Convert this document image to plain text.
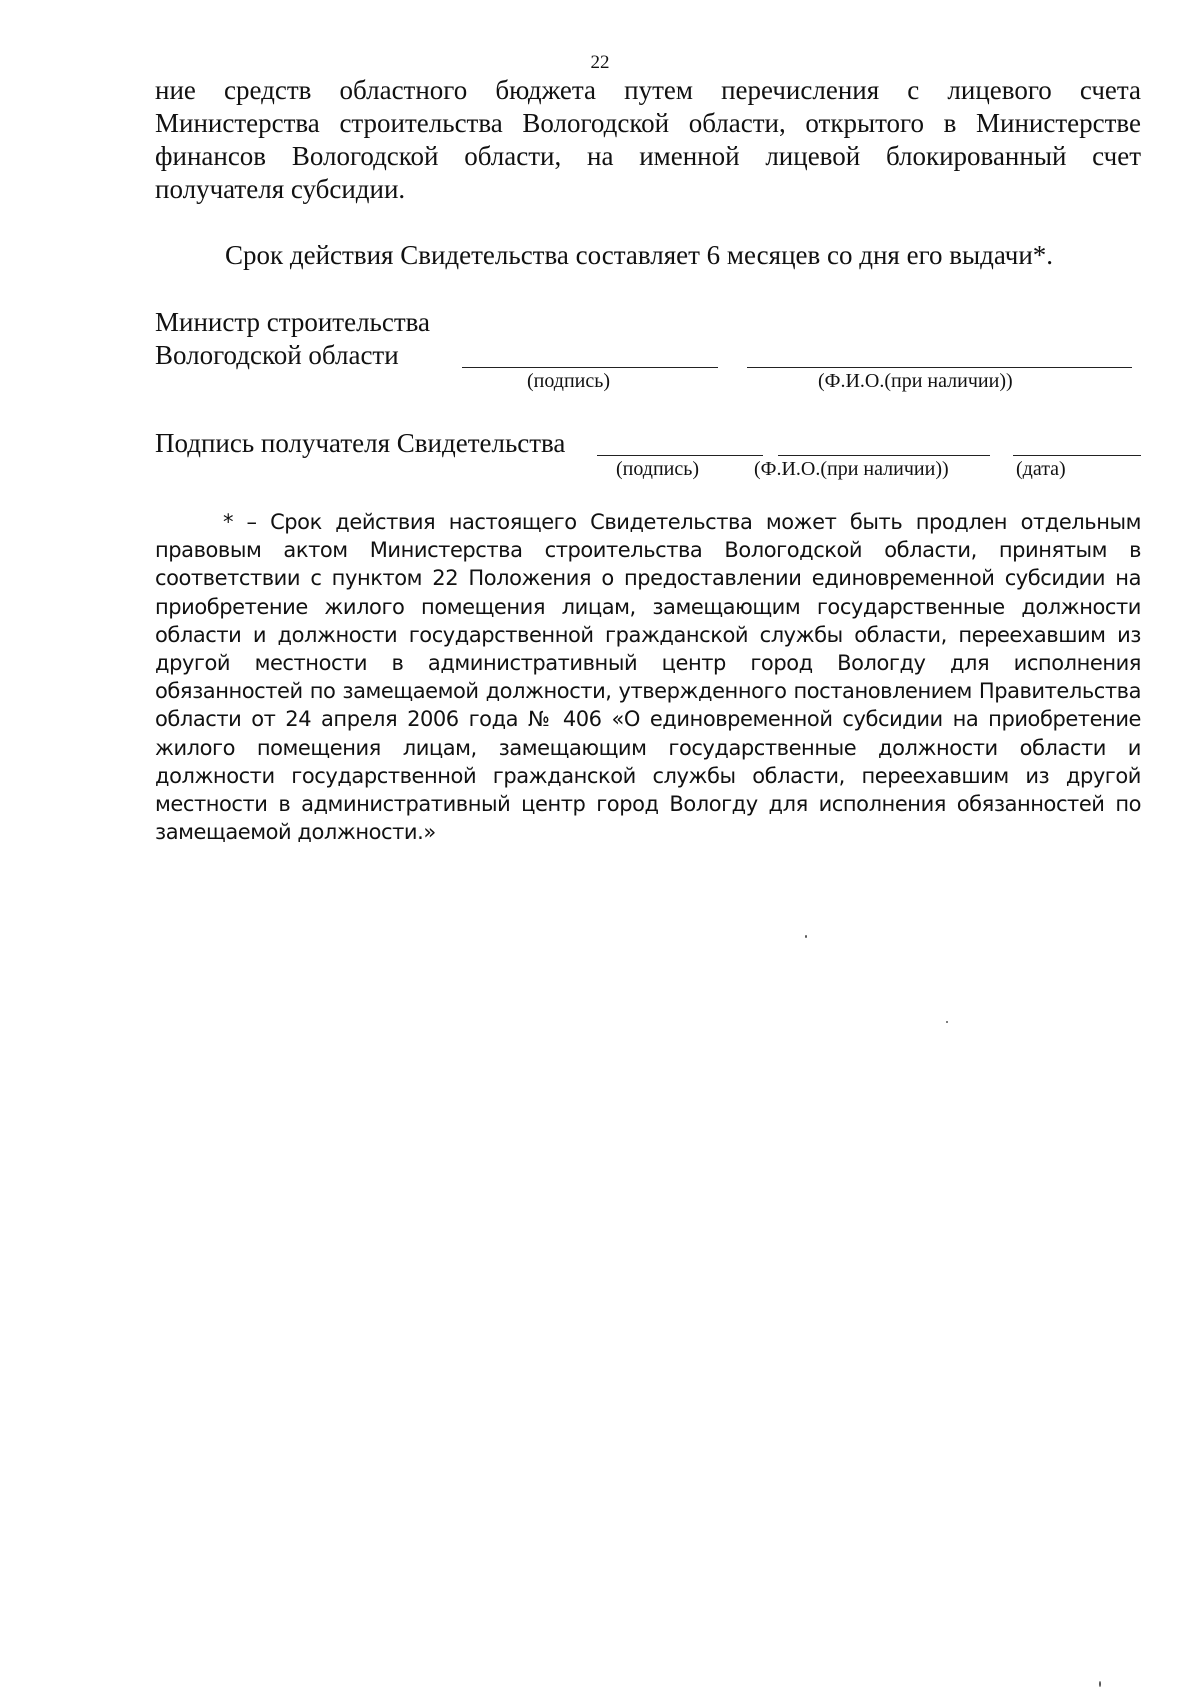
22
ние средств областного бюджета путем перечисления с лицевого счета Министерства строительства Вологодской области, открытого в Министерстве финансов Вологодской области, на именной лицевой блокированный счет получателя субсидии.
Срок действия Свидетельства составляет 6 месяцев со дня его выдачи*.
Министр строительства
Вологодской области
(подпись)	(Ф.И.О.(при наличии))
Подпись получателя Свидетельства
(подпись)	(Ф.И.О.(при наличии))	(дата)
* – Срок действия настоящего Свидетельства может быть продлен отдельным правовым актом Министерства строительства Вологодской области, принятым в соответствии с пунктом 22 Положения о предоставлении единовременной субсидии на приобретение жилого помещения лицам, замещающим государственные должности области и должности государственной гражданской службы области, переехавшим из другой местности в административный центр город Вологду для исполнения обязанностей по замещаемой должности, утвержденного постановлением Правительства области от 24 апреля 2006 года № 406 «О единовременной субсидии на приобретение жилого помещения лицам, замещающим государственные должности области и должности государственной гражданской службы области, переехавшим из другой местности в административный центр город Вологду для исполнения обязанностей по замещаемой должности.»
